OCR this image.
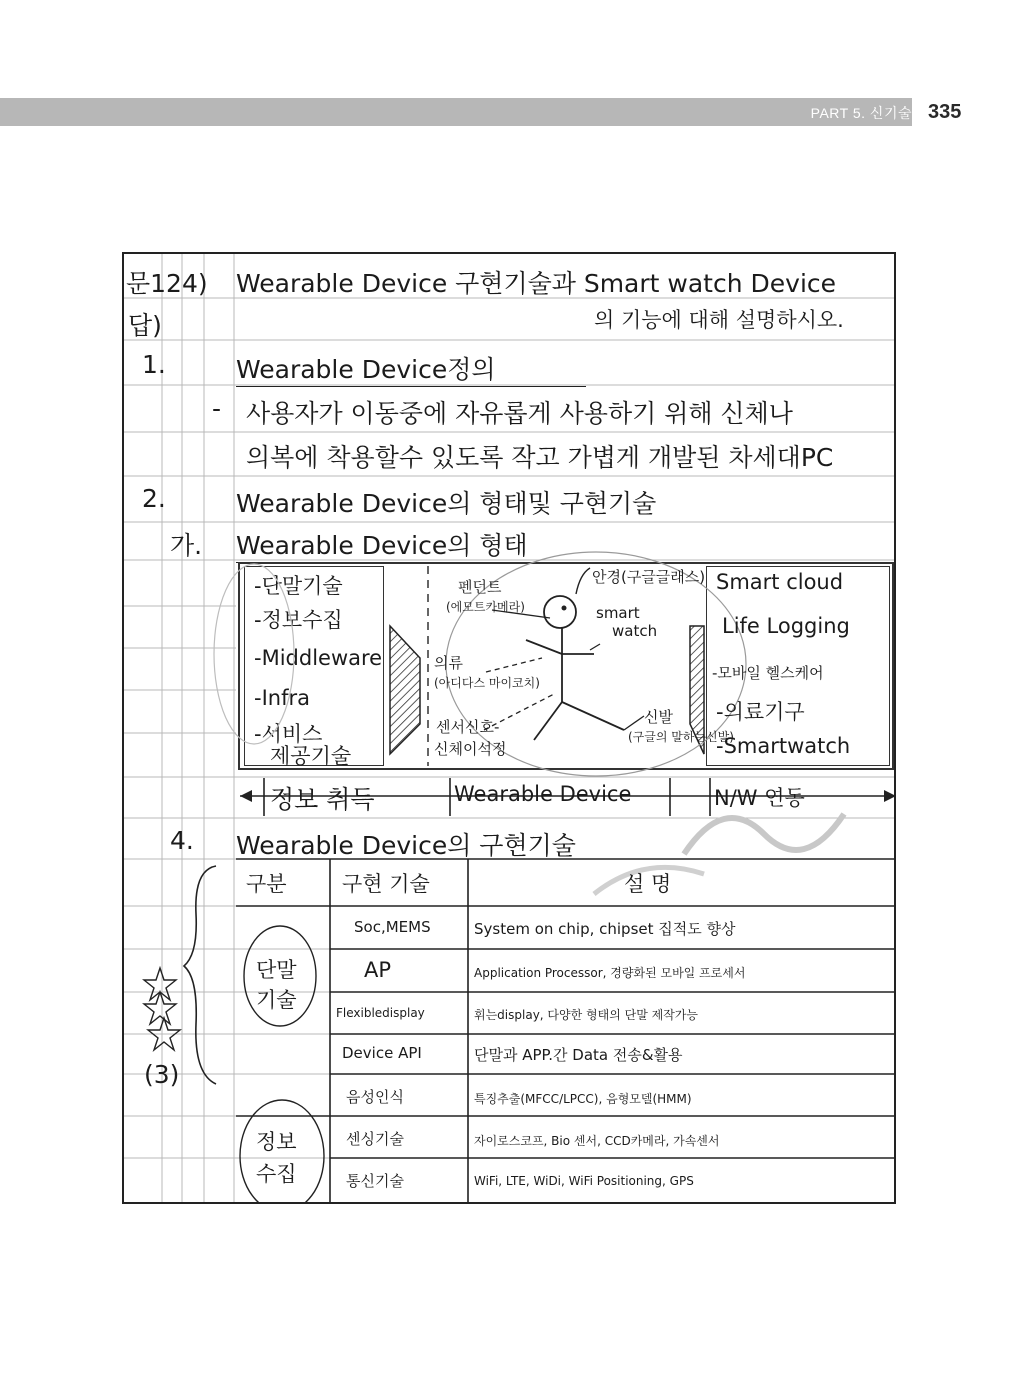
PART 5. 신기술 335
문124) Wearable Device 구현기술과 Smart watch Device
의 기능에 대해 설명하시오.
답)
1.	Wearable Device정의
- 사용자가 이동중에 자유롭게 사용하기 위해 신체나
의복에 착용할수 있도록 작고 가볍게 개발된 차세대PC
2.	Wearable Device의 형태및 구현기술
가. Wearable Device의 형태
-단말기술
-정보수집
-Middleware
-Infra
-서비스
제공기술
펜던트
(에모트카메라)
안경(구글글래스)
smart
watch
의류
(아디다스 마이코치)
센서신호-
신체이석정
신발
(구글의 말하는신발)
Smart cloud
Life Logging
-모바일 헬스케어
-의료기구
-Smartwatch
정보 취득	Wearable Device	N/W 연동
4. Wearable Device의 구현기술
구분	구현 기술	설 명
단말
기술
정보
수집
Soc,MEMS	System on chip, chipset 집적도 향상
AP	Application Processor, 경량화된 모바일 프로세서
Flexibledisplay	휘는display, 다양한 형태의 단말 제작가능
Device API	단말과 APP.간 Data 전송&활용
음성인식	특징추출(MFCC/LPCC), 음형모델(HMM)
센싱기술	자이로스코프, Bio 센서, CCD카메라, 가속센서
통신기술	WiFi, LTE, WiDi, WiFi Positioning, GPS
(3)
